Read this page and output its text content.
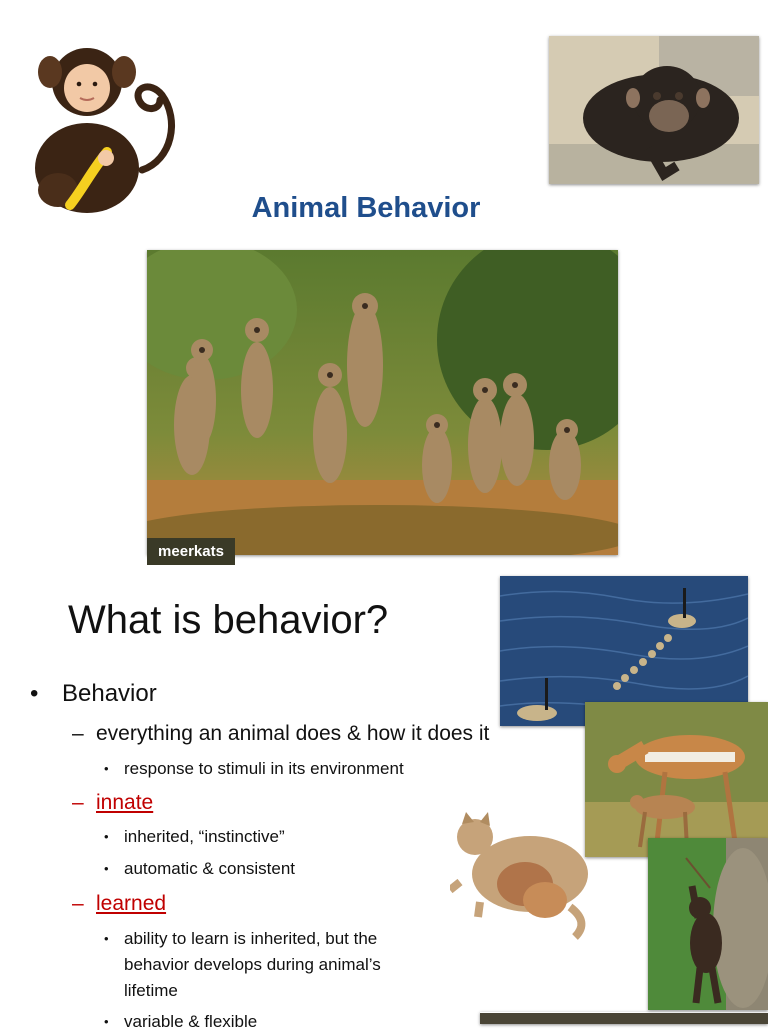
Animal Behavior
meerkats
What is behavior?
• Behavior
– everything an animal does & how it does it
• response to stimuli in its environment
– innate
• inherited, “instinctive”
• automatic & consistent
– learned
• ability to learn is inherited, but the behavior develops during animal’s lifetime
• variable & flexible
